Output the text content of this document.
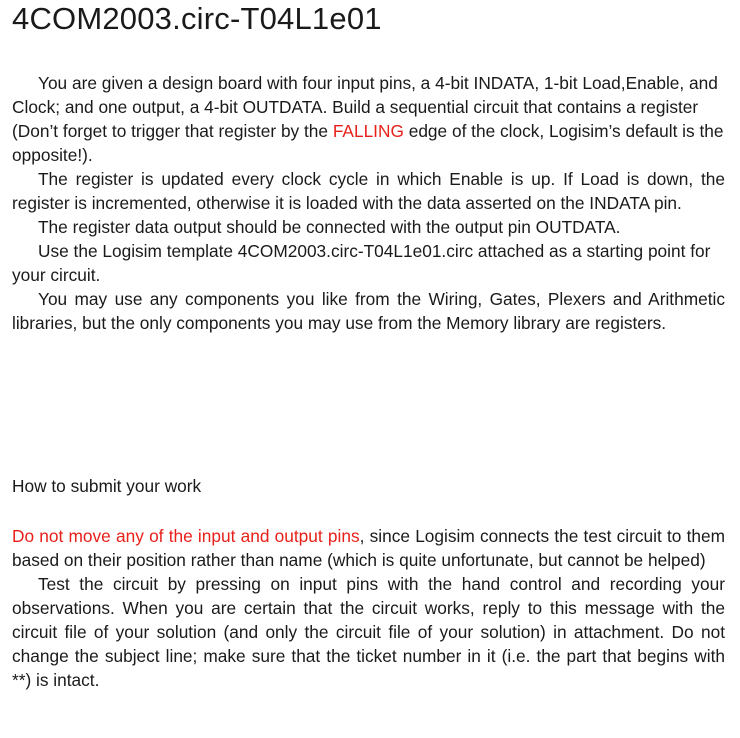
4COM2003.circ-T04L1e01

You are given a design board with four input pins, a 4-bit INDATA, 1-bit Load,Enable, and Clock; and one output, a 4-bit OUTDATA. Build a sequential circuit that contains a register (Don’t forget to trigger that register by the FALLING edge of the clock, Logisim’s default is the opposite!).

The register is updated every clock cycle in which Enable is up. If Load is down, the register is incremented, otherwise it is loaded with the data asserted on the INDATA pin.

The register data output should be connected with the output pin OUTDATA.

Use the Logisim template 4COM2003.circ-T04L1e01.circ attached as a starting point for your circuit.

You may use any components you like from the Wiring, Gates, Plexers and Arithmetic libraries, but the only components you may use from the Memory library are registers.

How to submit your work

Do not move any of the input and output pins, since Logisim connects the test circuit to them based on their position rather than name (which is quite unfortunate, but cannot be helped)

Test the circuit by pressing on input pins with the hand control and recording your observations. When you are certain that the circuit works, reply to this message with the circuit file of your solution (and only the circuit file of your solution) in attachment. Do not change the subject line; make sure that the ticket number in it (i.e. the part that begins with **) is intact.
